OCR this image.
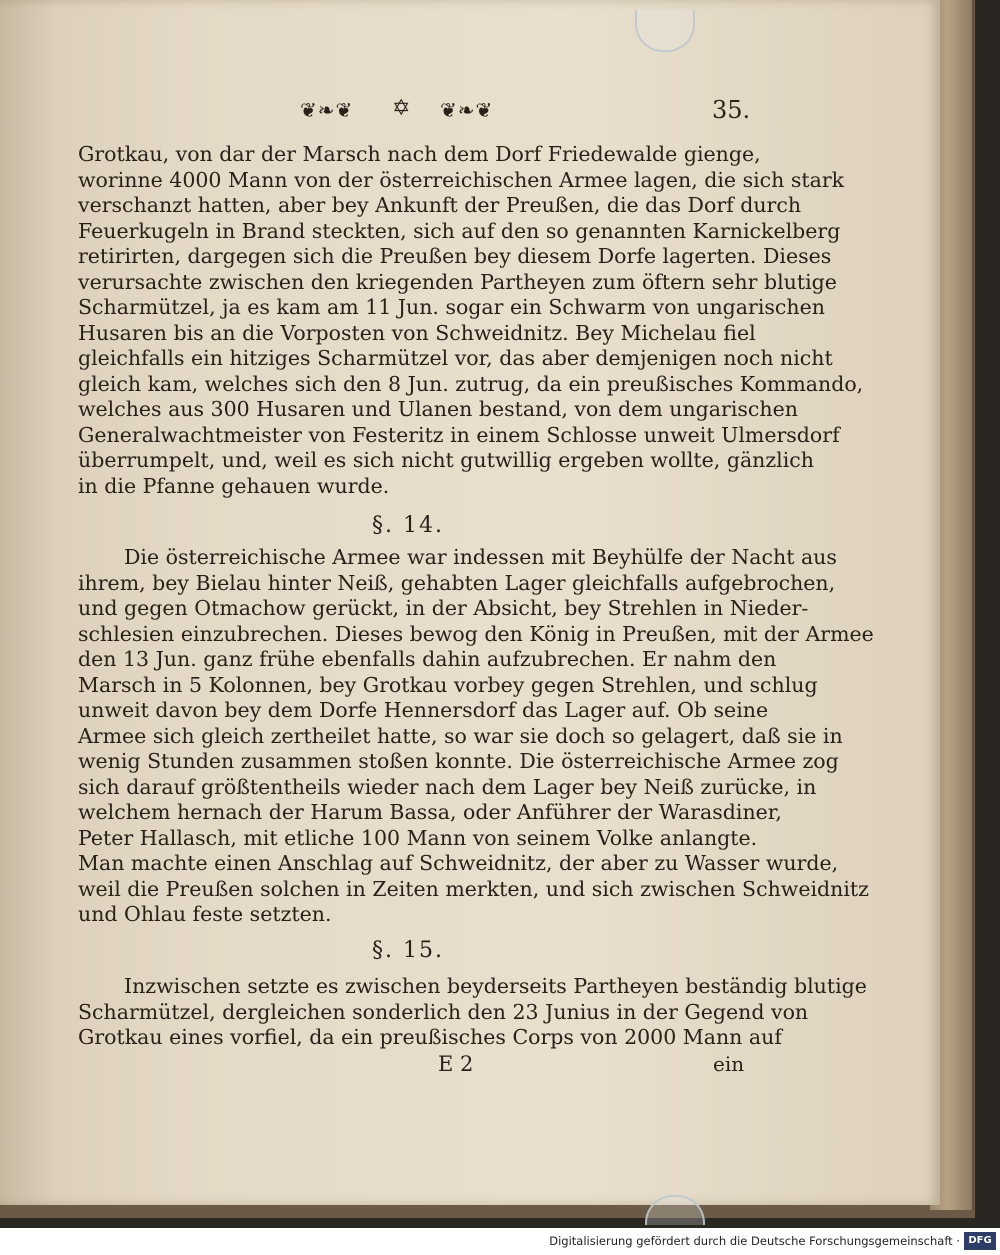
❦❧❦ ✡ ❦❧❦	35.
Grotkau, von dar der Marsch nach dem Dorf Friedewalde gienge,
worinne 4000 Mann von der österreichischen Armee lagen, die sich stark
verschanzt hatten, aber bey Ankunft der Preußen, die das Dorf durch
Feuerkugeln in Brand steckten, sich auf den so genannten Karnickelberg
retirirten, dargegen sich die Preußen bey diesem Dorfe lagerten. Dieses
verursachte zwischen den kriegenden Partheyen zum öftern sehr blutige
Scharmützel, ja es kam am 11 Jun. sogar ein Schwarm von ungarischen
Husaren bis an die Vorposten von Schweidnitz. Bey Michelau fiel
gleichfalls ein hitziges Scharmützel vor, das aber demjenigen noch nicht
gleich kam, welches sich den 8 Jun. zutrug, da ein preußisches Kommando,
welches aus 300 Husaren und Ulanen bestand, von dem ungarischen
Generalwachtmeister von Festeritz in einem Schlosse unweit Ulmersdorf
überrumpelt, und, weil es sich nicht gutwillig ergeben wollte, gänzlich
in die Pfanne gehauen wurde.
§. 14.
Die österreichische Armee war indessen mit Beyhülfe der Nacht aus
ihrem, bey Bielau hinter Neiß, gehabten Lager gleichfalls aufgebrochen,
und gegen Otmachow gerückt, in der Absicht, bey Strehlen in Nieder-
schlesien einzubrechen. Dieses bewog den König in Preußen, mit der Armee
den 13 Jun. ganz frühe ebenfalls dahin aufzubrechen. Er nahm den
Marsch in 5 Kolonnen, bey Grotkau vorbey gegen Strehlen, und schlug
unweit davon bey dem Dorfe Hennersdorf das Lager auf. Ob seine
Armee sich gleich zertheilet hatte, so war sie doch so gelagert, daß sie in
wenig Stunden zusammen stoßen konnte. Die österreichische Armee zog
sich darauf größtentheils wieder nach dem Lager bey Neiß zurücke, in
welchem hernach der Harum Bassa, oder Anführer der Warasdiner,
Peter Hallasch, mit etliche 100 Mann von seinem Volke anlangte.
Man machte einen Anschlag auf Schweidnitz, der aber zu Wasser wurde,
weil die Preußen solchen in Zeiten merkten, und sich zwischen Schweidnitz
und Ohlau feste setzten.
§. 15.
Inzwischen setzte es zwischen beyderseits Partheyen beständig blutige
Scharmützel, dergleichen sonderlich den 23 Junius in der Gegend von
Grotkau eines vorfiel, da ein preußisches Corps von 2000 Mann auf
E 2	ein
Digitalisierung gefördert durch die Deutsche Forschungsgemeinschaft · DFG
